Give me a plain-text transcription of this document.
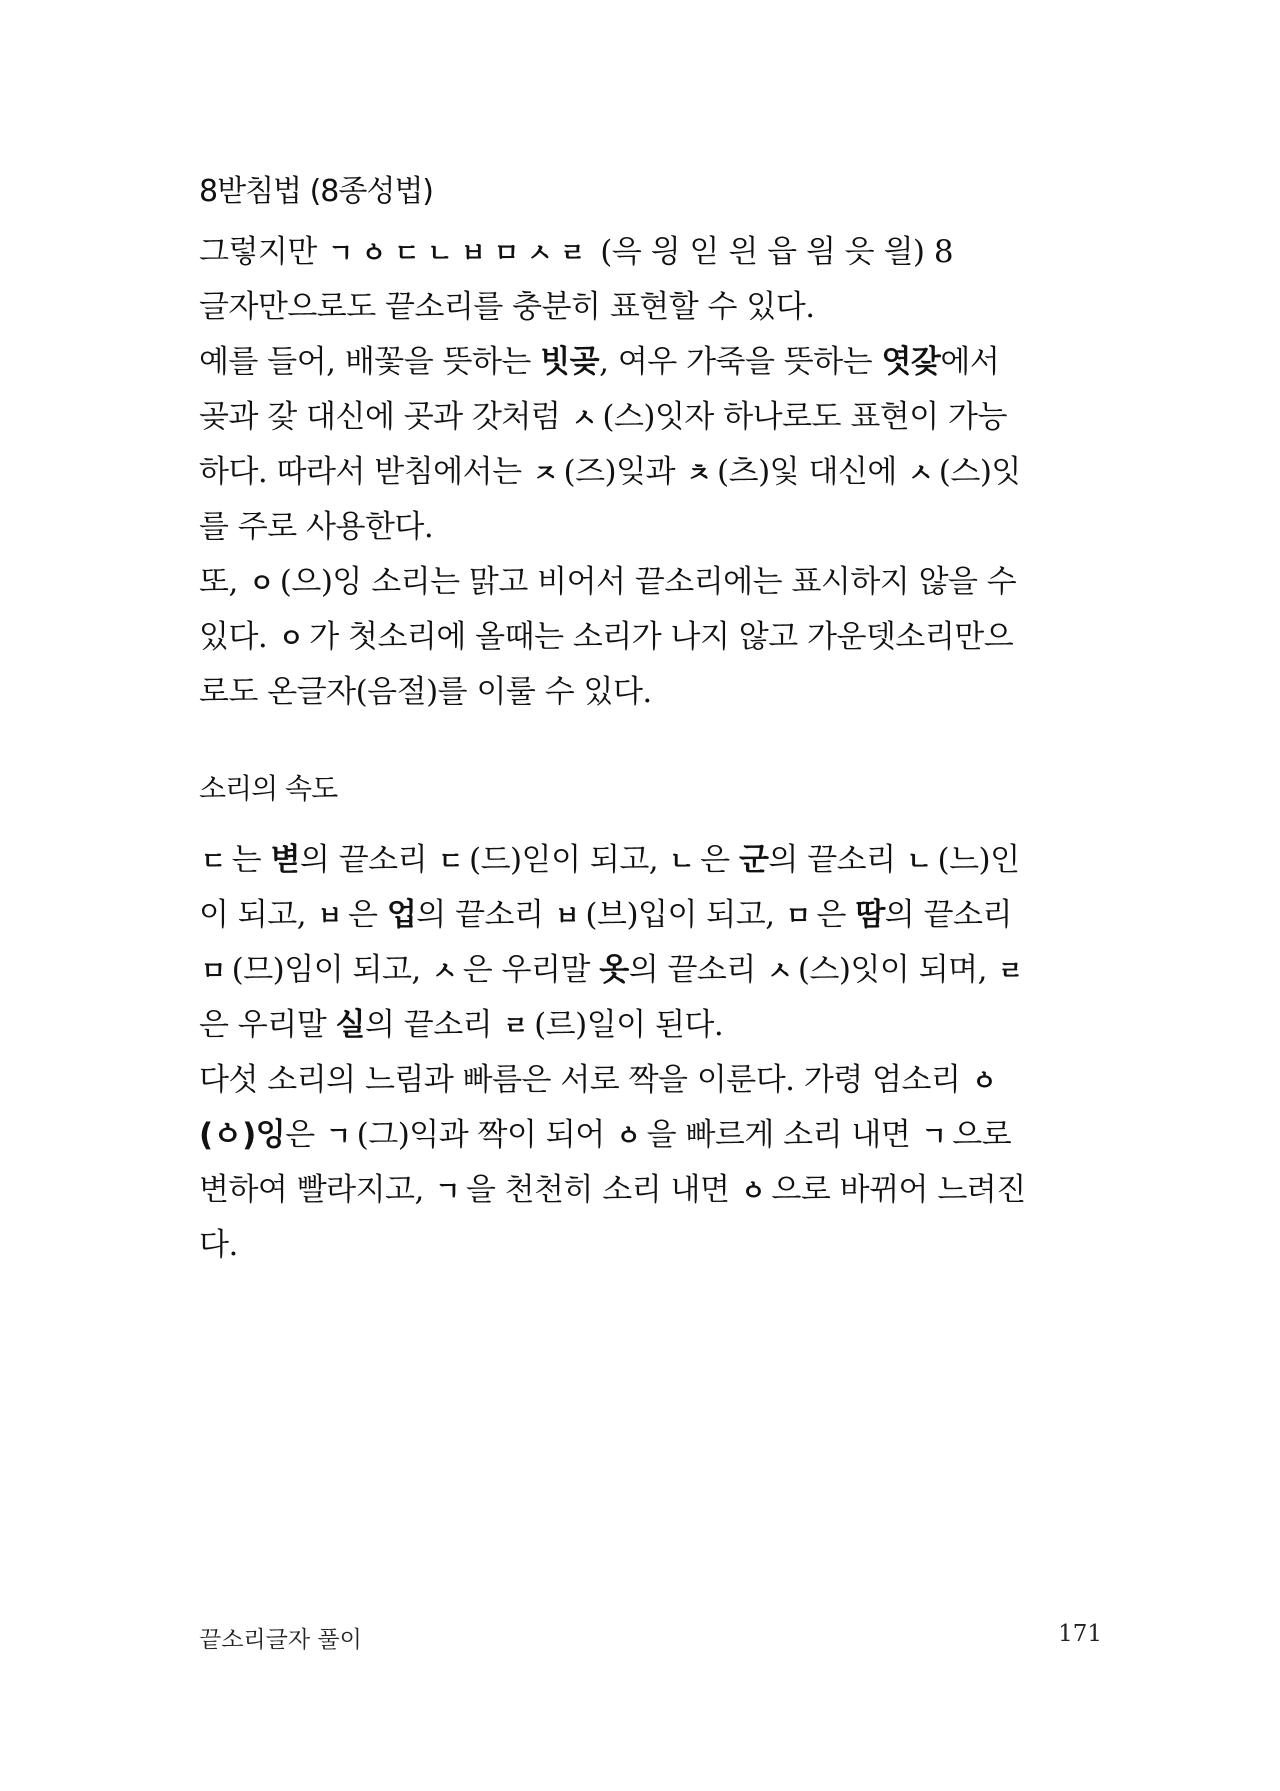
8받침법 (8종성법)
그렇지만 ㄱ ㆁ ㄷ ㄴ ㅂ ㅁ ㅅ ㄹ (윽 읭 읻 읜 읍 읨 읏 읠) 8
글자만으로도 끝소리를 충분히 표현할 수 있다.
예를 들어, 배꽃을 뜻하는 빗곶, 여우 가죽을 뜻하는 엿갗에서
곶과 갗 대신에 곳과 갓처럼 ㅅ (스)잇자 하나로도 표현이 가능
하다. 따라서 받침에서는 ㅈ (즈)잊과 ㅊ (츠)잋 대신에 ㅅ (스)잇
를 주로 사용한다.
또, ㅇ (으)잉 소리는 맑고 비어서 끝소리에는 표시하지 않을 수
있다. ㅇ 가 첫소리에 올때는 소리가 나지 않고 가운뎃소리만으
로도 온글자(음절)를 이룰 수 있다.
소리의 속도
ㄷ 는 볃의 끝소리 ㄷ (드)읻이 되고, ㄴ 은 군의 끝소리 ㄴ (느)인
이 되고, ㅂ 은 업의 끝소리 ㅂ (브)입이 되고, ㅁ 은 땀의 끝소리
ㅁ (므)임이 되고, ㅅ 은 우리말 옷의 끝소리 ㅅ (스)잇이 되며, ㄹ
은 우리말 실의 끝소리 ㄹ (르)일이 된다.
다섯 소리의 느림과 빠름은 서로 짝을 이룬다. 가령 엄소리 ㆁ
(ㆁ)잉은 ㄱ (그)익과 짝이 되어 ㆁ 을 빠르게 소리 내면 ㄱ 으로
변하여 빨라지고, ㄱ 을 천천히 소리 내면 ㆁ 으로 바뀌어 느려진
다.
끝소리글자 풀이	171
